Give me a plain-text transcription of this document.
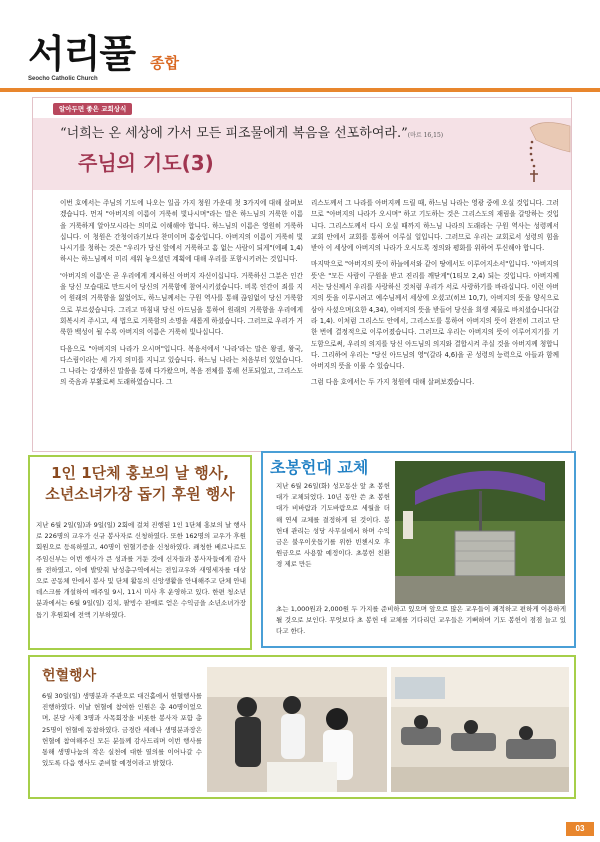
서리풀
Seocho Catholic Church
종합
알아두면 좋은 교회상식
“너희는 온 세상에 가서 모든 피조물에게 복음을 선포하여라.”(마르 16,15)
주님의 기도(3)

이번 호에서는 주님의 기도에 나오는 일곱 가지 청원 가운데 첫 3가지에 대해 살펴보겠습니다. 먼저 "아버지의 이름이 거룩히 빛나시며"라는 말은 하느님의 거룩한 이름을 거룩하게 알아모시라는 의미로 이해해야 합니다. 하느님의 이름은 영원히 거룩하십니다. 이 청원은 간청이라기보다 찬미이며 흠숭입니다. 아버지의 이름이 거룩히 빛나시기를 청하는 것은 "우리가 당신 앞에서 거룩하고 흠 없는 사람이 되게"(에페 1,4)하시는 하느님께서 미리 세워 놓으셨던 계획에 대해 우리를 포함시키려는 것입니다.

'아버지의 이름'은 곧 우리에게 계시하신 아버지 자신이십니다. 거룩하신 그분은 인간을 당신 모습대로 만드시어 당신의 거룩함에 참여시키셨습니다. 비록 인간이 죄를 지어 원래의 거룩함을 잃었어도, 하느님께서는 구원 역사를 통해 끊임없이 당신 거룩함으로 부르셨습니다. 그리고 마침내 당신 아드님을 통하여 원래의 거룩함을 우리에게 회복시켜 주시고, 새 법으로 거룩함의 소명을 새롭게 하셨습니다. 그러므로 우리가 거룩한 백성이 될 수록 아버지의 이름은 거룩히 빛나십니다.

다음으로 "아버지의 나라가 오시며"입니다. 복음서에서 '나라'라는 말은 왕권, 왕국, 다스림이라는 세 가지 의미를 지니고 있습니다. 하느님 나라는 처음부터 있었습니다. 그 나라는 강생하신 말씀을 통해 다가왔으며, 복음 전체를 통해 선포되었고, 그리스도의 죽음과 부활로써 도래하였습니다. 그

리스도께서 그 나라를 아버지께 드릴 때, 하느님 나라는 영광 중에 오실 것입니다. 그러므로 "아버지의 나라가 오시며" 하고 기도하는 것은 그리스도의 재림을 갈망하는 것입니다. 그리스도께서 다시 오실 때까지 하느님 나라의 도래라는 구원 역사는 성령께서 교회 안에서 교회를 통하여 이루실 일입니다. 그러므로 우리는 교회로서 성령의 힘을 받아 이 세상에 아버지의 나라가 오시도록 정의와 평화를 위하여 투신해야 합니다.

마지막으로 "아버지의 뜻이 하늘에서와 같이 땅에서도 이루어지소서"입니다. '아버지의 뜻'은 "모든 사람이 구원을 받고 진리를 깨닫게"(1티모 2,4) 되는 것입니다. 아버지께서는 당신께서 우리를 사랑하신 것처럼 우리가 서로 사랑하기를 바라십니다. 이런 아버지의 뜻을 이루시려고 예수님께서 세상에 오셨고(히브 10,7), 아버지의 뜻을 양식으로 삼아 사셨으며(요한 4,34), 아버지의 뜻을 받들어 당신을 희생 제물로 바치셨습니다(갈라 1,4). 이처럼 그리스도 안에서, 그리스도를 통하여 아버지의 뜻이 완전히 그리고 단 한 번에 결정적으로 이루어졌습니다. 그러므로 우리는 아버지의 뜻이 이루어지기를 기도함으로써, 우리의 의지를 당신 아드님의 의지와 결합시켜 주실 것을 아버지께 청합니다. 그리하여 우리는 "당신 아드님의 영"(갈라 4,6)을 곧 성령의 능력으로 아들과 함께 아버지의 뜻을 이룰 수 있습니다.

그럼 다음 호에서는 두 가지 청원에 대해 살펴보겠습니다.

1인 1단체 홍보의 날 행사,
소년소녀가장 돕기 후원 행사
지난 6월 2일(일)과 9일(일) 2회에 걸쳐 진행된 1인 1단체 홍보의 날 행사로 226명의 교우가 신규 봉사자로 신청하였다. 또한 162명의 교우가 후원 회원으로 등록하였고, 40명이 헌혈기증을 신청하였다. 쾌청한 베르나르도 주임신부는 이번 행사가 큰 성과를 거둔 것에 신자들과 봉사자들에게 감사를 전하였고, 이에 발맞춰 남성총구역에서는 전입교우와 새영세자를 대상으로 공동체 안에서 봉사 및 단체 활동의 신앙생활을 안내해주고 단체 안내 데스크를 개설하여 매주일 9시, 11시 미사 후 운영하고 있다. 한편 청소년분과에서는 6월 9일(일) 김치, 팥빙수 판매로 얻은 수익금을 소년소녀가장 돕기 후원회에 전액 기부하였다.
초봉헌대 교체
지난 6월 26일(화) 성모동산 앞 초 봉헌 대가 교체되었다. 10년 동안 쓴 초 봉헌 대가 비바람과 기도바람으로 세월을 더해 연세 교체를 결정하게 된 것이다. 봉헌대 관리는 성당 사무실에서 하며 수익금은 불우이웃돕기를 위한 빈첸시오 후원금으로 사용할 예정이다. 초봉헌 친환경 제로 만든
초는 1,000원과 2,000원 두 가지를 준비하고 있으며 앞으로 많은 교우들이 쾌적하고 편하게 이용하게 될 것으로 보인다. 무엇보다 초 봉헌 대 교체를 기다리던 교우들은 기뻐하며 기도 봉헌이 점점 늘고 있다고 한다.
헌혈행사
6월 30일(일) 생명분과 주관으로 대건홀에서 헌혈행사를 진행하였다. 이날 헌혈에 참여한 인원은 총 40명이었으며, 본당 사제 3명과 사목회장을 비롯한 봉사자 포함 총 25명이 헌혈에 동참하였다. 금경란 세레나 생명분과장은 헌혈에 참여해주신 모든 분들께 감사드리며 이번 행사를 통해 생명나눔의 작은 실천에 대한 열의를 이어나갈 수 있도록 다음 행사도 준비할 예정이라고 밝혔다.
03
